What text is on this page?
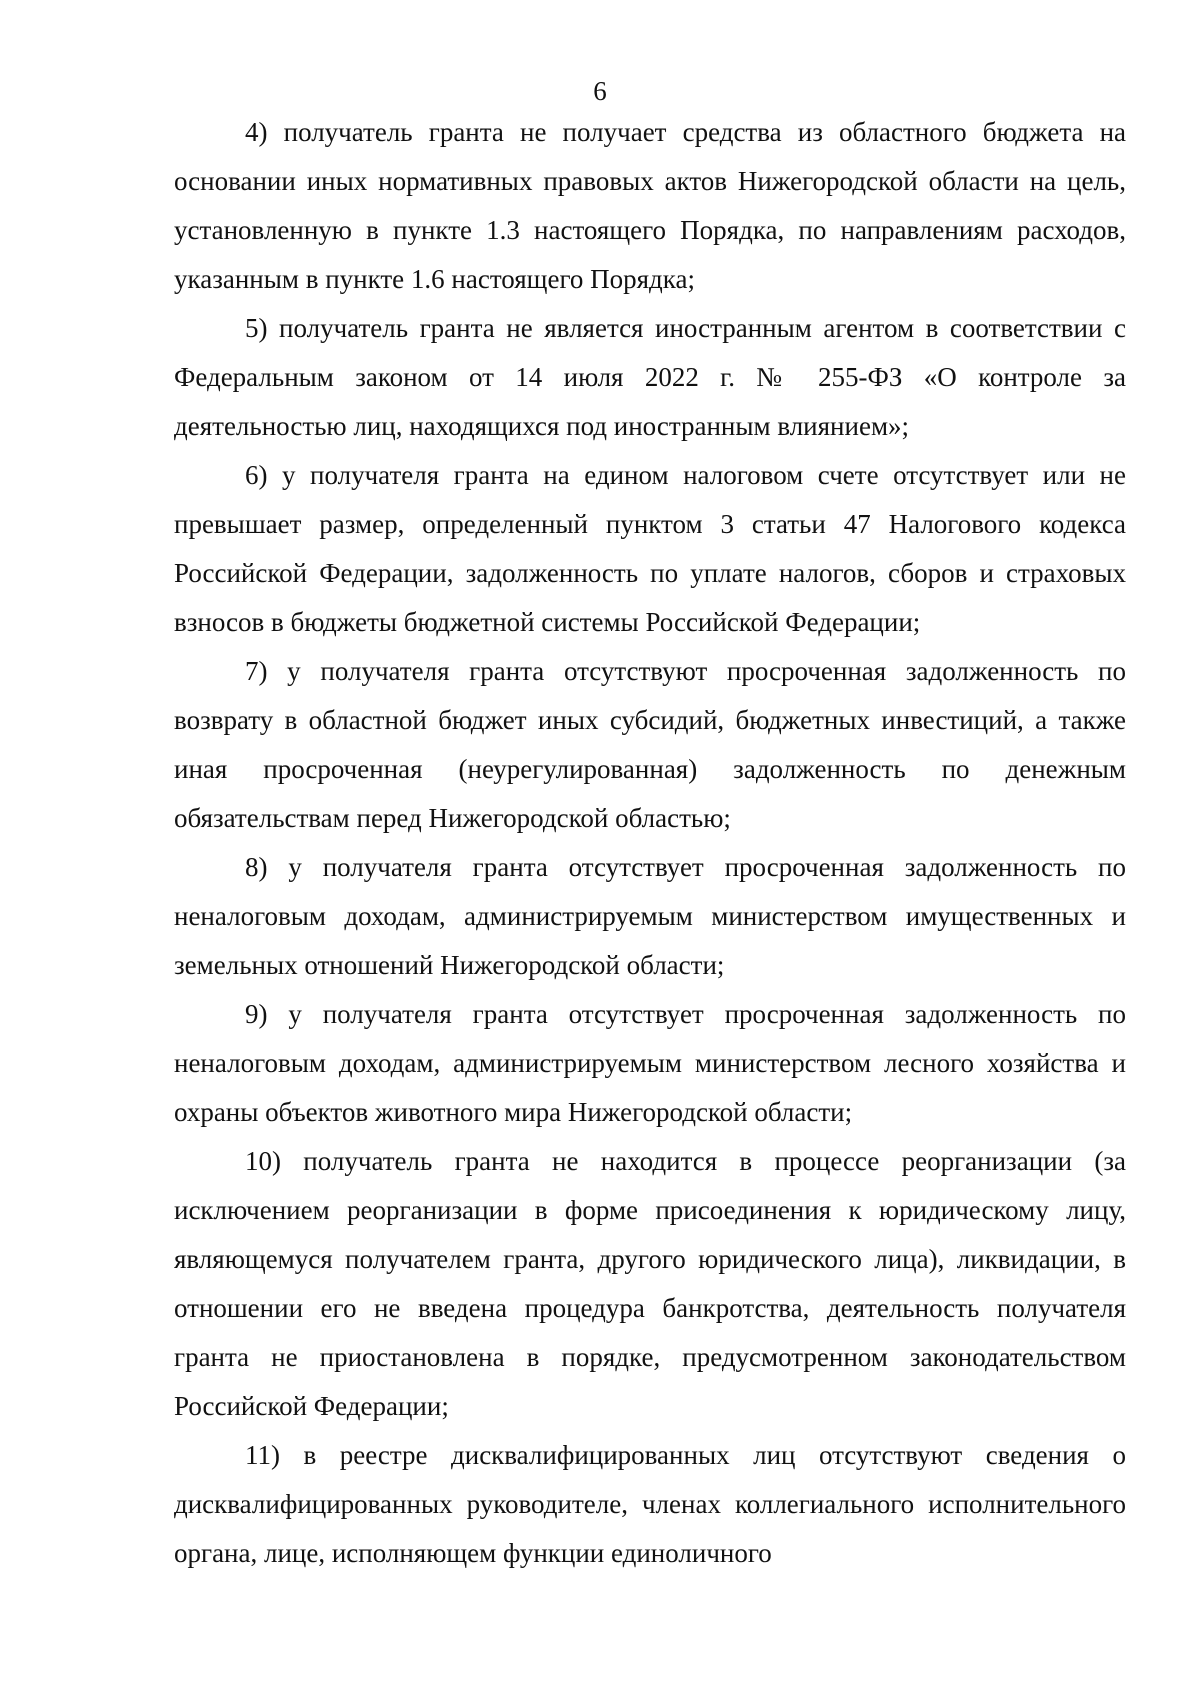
6

4) получатель гранта не получает средства из областного бюджета на основании иных нормативных правовых актов Нижегородской области на цель, установленную в пункте 1.3 настоящего Порядка, по направлениям расходов, указанным в пункте 1.6 настоящего Порядка;

5) получатель гранта не является иностранным агентом в соответствии с Федеральным законом от 14 июля 2022 г. № 255-ФЗ «О контроле за деятельностью лиц, находящихся под иностранным влиянием»;

6) у получателя гранта на едином налоговом счете отсутствует или не превышает размер, определенный пунктом 3 статьи 47 Налогового кодекса Российской Федерации, задолженность по уплате налогов, сборов и страховых взносов в бюджеты бюджетной системы Российской Федерации;

7) у получателя гранта отсутствуют просроченная задолженность по возврату в областной бюджет иных субсидий, бюджетных инвестиций, а также иная просроченная (неурегулированная) задолженность по денежным обязательствам перед Нижегородской областью;

8) у получателя гранта отсутствует просроченная задолженность по неналоговым доходам, администрируемым министерством имущественных и земельных отношений Нижегородской области;

9) у получателя гранта отсутствует просроченная задолженность по неналоговым доходам, администрируемым министерством лесного хозяйства и охраны объектов животного мира Нижегородской области;

10) получатель гранта не находится в процессе реорганизации (за исключением реорганизации в форме присоединения к юридическому лицу, являющемуся получателем гранта, другого юридического лица), ликвидации, в отношении его не введена процедура банкротства, деятельность получателя гранта не приостановлена в порядке, предусмотренном законодательством Российской Федерации;

11) в реестре дисквалифицированных лиц отсутствуют сведения о дисквалифицированных руководителе, членах коллегиального исполнительного органа, лице, исполняющем функции единоличного
